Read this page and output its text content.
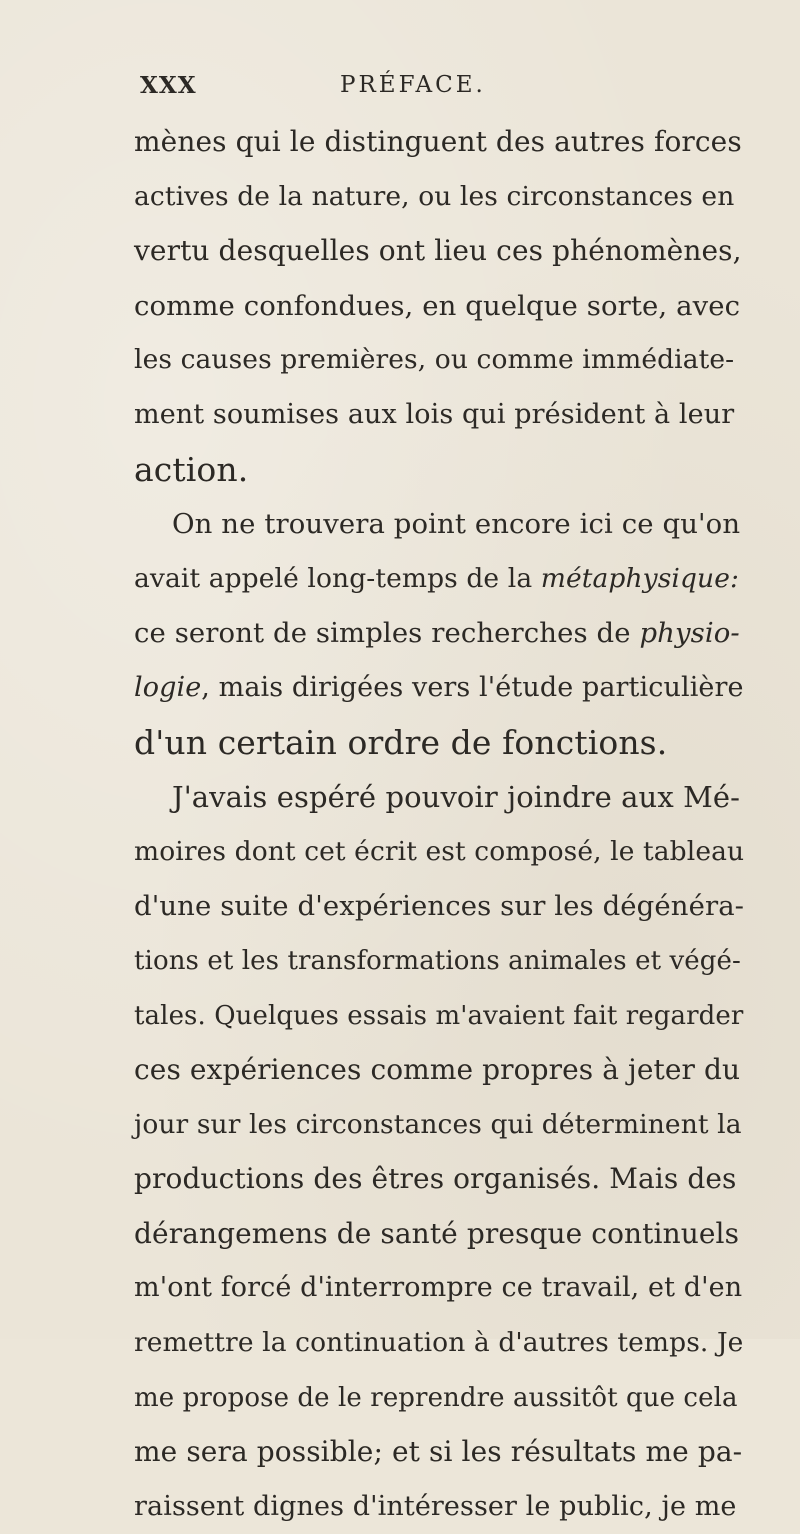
XXX	PRÉFACE.
mènes qui le distinguent des autres forces
actives de la nature, ou les circonstances en
vertu desquelles ont lieu ces phénomènes,
comme confondues, en quelque sorte, avec
les causes premières, ou comme immédiate-
ment soumises aux lois qui président à leur
action.
On ne trouvera point encore ici ce qu'on
avait appelé long-temps de la métaphysique:
ce seront de simples recherches de physio-
logie, mais dirigées vers l'étude particulière
d'un certain ordre de fonctions.
J'avais espéré pouvoir joindre aux Mé-
moires dont cet écrit est composé, le tableau
d'une suite d'expériences sur les dégénéra-
tions et les transformations animales et végé-
tales. Quelques essais m'avaient fait regarder
ces expériences comme propres à jeter du
jour sur les circonstances qui déterminent la
productions des êtres organisés. Mais des
dérangemens de santé presque continuels
m'ont forcé d'interrompre ce travail, et d'en
remettre la continuation à d'autres temps. Je
me propose de le reprendre aussitôt que cela
me sera possible; et si les résultats me pa-
raissent dignes d'intéresser le public, je me
